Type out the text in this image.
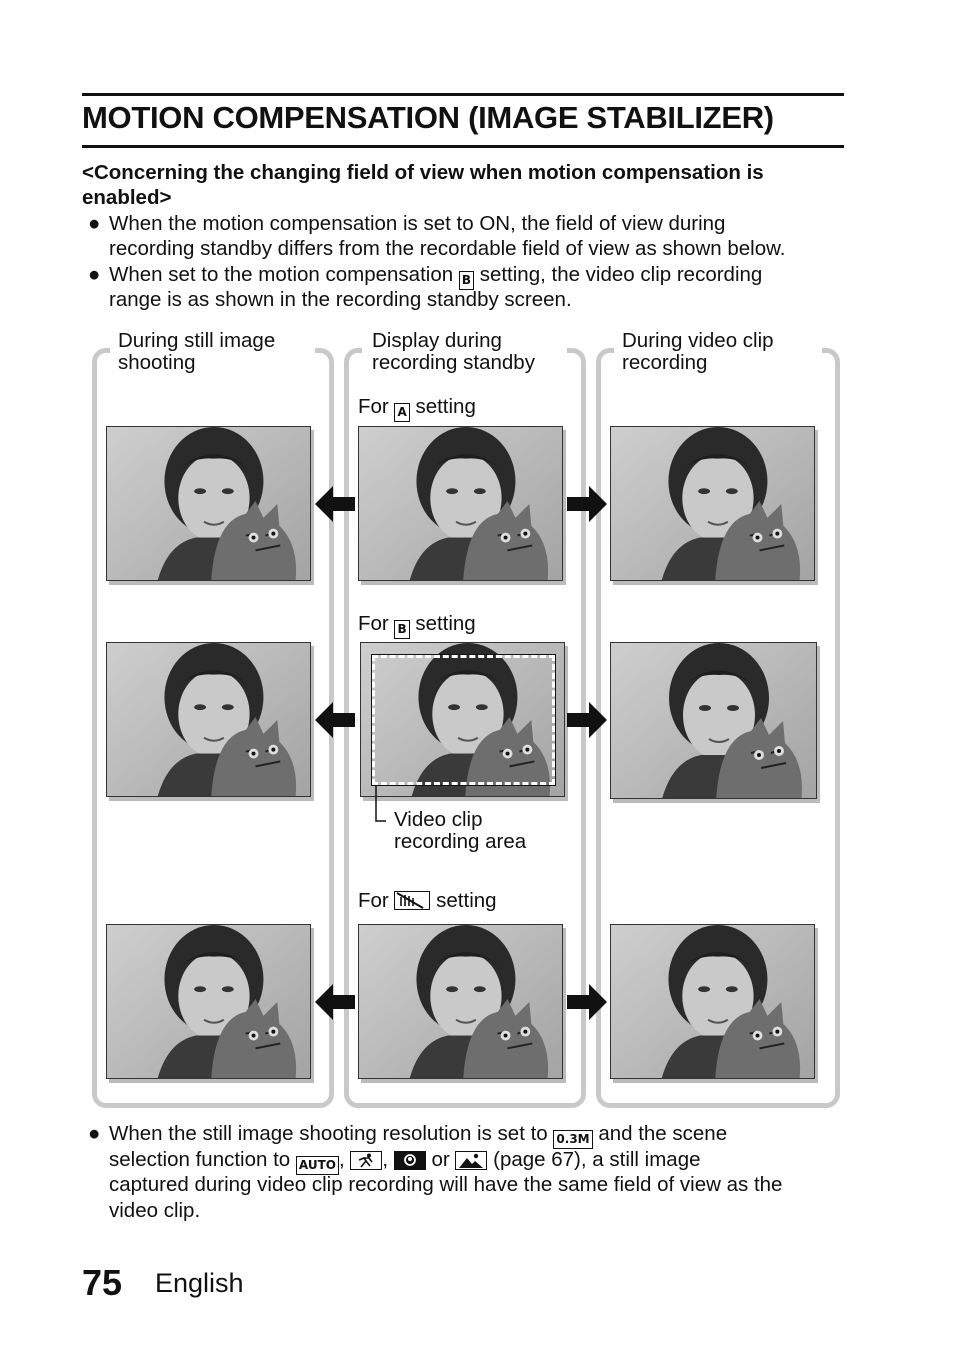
MOTION COMPENSATION (IMAGE STABILIZER)
<Concerning the changing field of view when motion compensation is enabled>
● When the motion compensation is set to ON, the field of view during
recording standby differs from the recordable field of view as shown below.
● When set to the motion compensation B setting, the video clip recording
range is as shown in the recording standby screen.
During still image
shooting
Display during
recording standby
During video clip
recording
For A setting
For B setting
For setting
Video clip
recording area
● When the still image shooting resolution is set to 0.3M and the scene
selection function to AUTO , , or (page 67), a still image
captured during video clip recording will have the same field of view as the
video clip.
75 English
